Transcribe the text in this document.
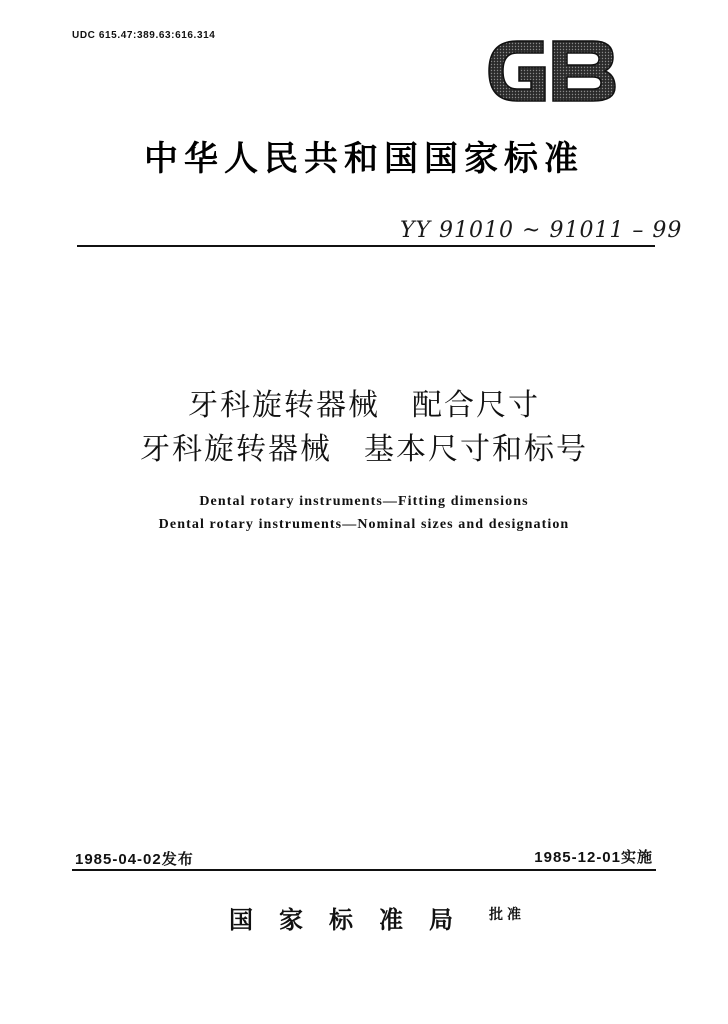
UDC 615.47:389.63:616.314
中华人民共和国国家标准
YY 91010 ~ 91011 – 99
牙科旋转器械　配合尺寸
牙科旋转器械　基本尺寸和标号
Dental rotary instruments—Fitting dimensions
Dental rotary instruments—Nominal sizes and designation
1985-04-02发布	1985-12-01实施
国家标准局 批准
